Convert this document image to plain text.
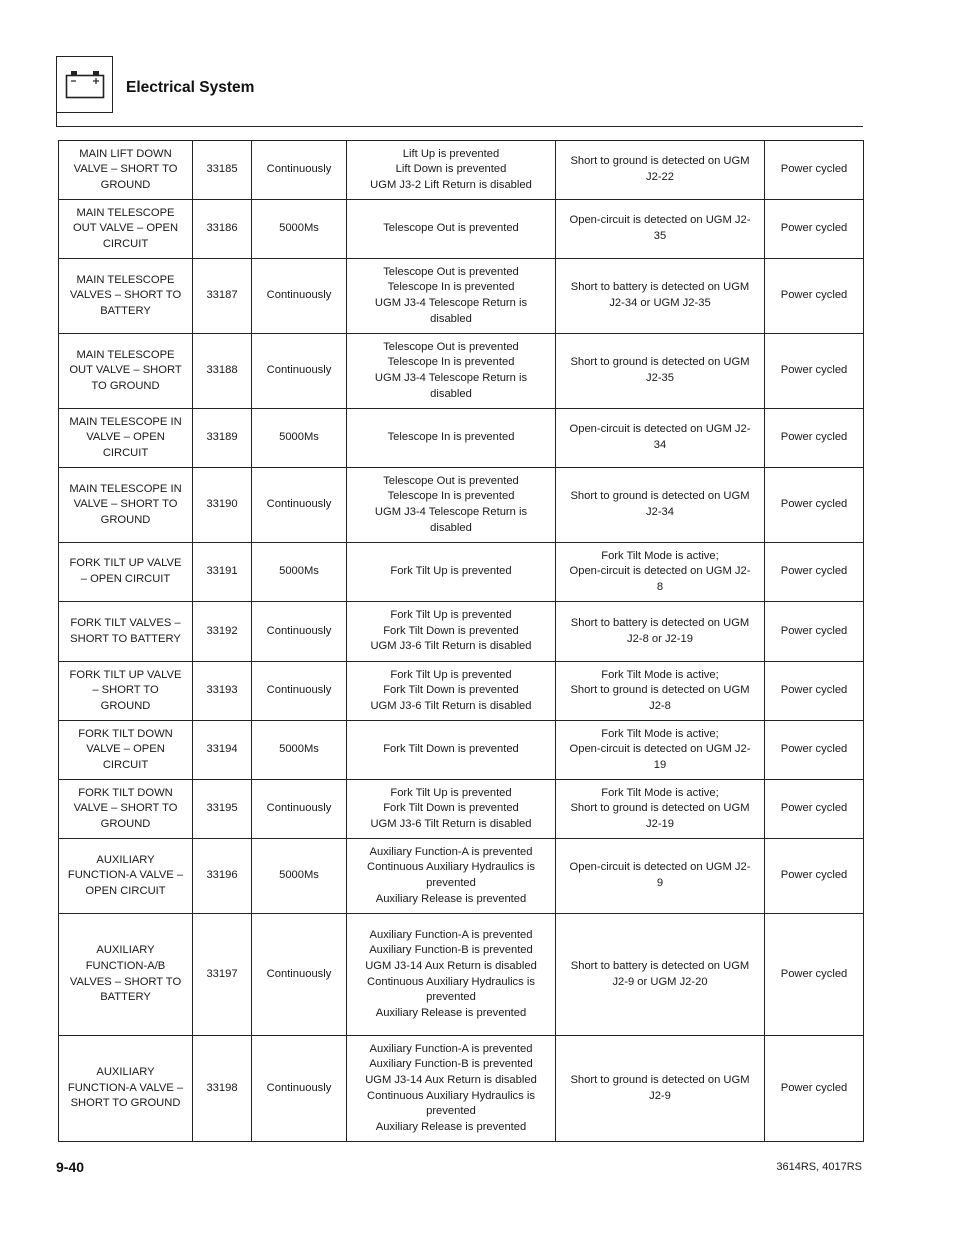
Electrical System
MAIN LIFT DOWN VALVE – SHORT TO GROUND	33185	Continuously	Lift Up is prevented
Lift Down is prevented
UGM J3-2 Lift Return is disabled	Short to ground is detected on UGM
J2-22	Power cycled
MAIN TELESCOPE OUT VALVE – OPEN CIRCUIT	33186	5000Ms	Telescope Out is prevented	Open-circuit is detected on UGM J2-
35	Power cycled
MAIN TELESCOPE VALVES – SHORT TO BATTERY	33187	Continuously	Telescope Out is prevented
Telescope In is prevented
UGM J3-4 Telescope Return is disabled	Short to battery is detected on UGM
J2-34 or UGM J2-35	Power cycled
MAIN TELESCOPE OUT VALVE – SHORT TO GROUND	33188	Continuously	Telescope Out is prevented
Telescope In is prevented
UGM J3-4 Telescope Return is disabled	Short to ground is detected on UGM
J2-35	Power cycled
MAIN TELESCOPE IN VALVE – OPEN CIRCUIT	33189	5000Ms	Telescope In is prevented	Open-circuit is detected on UGM J2-
34	Power cycled
MAIN TELESCOPE IN VALVE – SHORT TO GROUND	33190	Continuously	Telescope Out is prevented
Telescope In is prevented
UGM J3-4 Telescope Return is disabled	Short to ground is detected on UGM
J2-34	Power cycled
FORK TILT UP VALVE – OPEN CIRCUIT	33191	5000Ms	Fork Tilt Up is prevented	Fork Tilt Mode is active;
Open-circuit is detected on UGM J2-
8	Power cycled
FORK TILT VALVES – SHORT TO BATTERY	33192	Continuously	Fork Tilt Up is prevented
Fork Tilt Down is prevented
UGM J3-6 Tilt Return is disabled	Short to battery is detected on UGM
J2-8 or J2-19	Power cycled
FORK TILT UP VALVE – SHORT TO GROUND	33193	Continuously	Fork Tilt Up is prevented
Fork Tilt Down is prevented
UGM J3-6 Tilt Return is disabled	Fork Tilt Mode is active;
Short to ground is detected on UGM
J2-8	Power cycled
FORK TILT DOWN VALVE – OPEN CIRCUIT	33194	5000Ms	Fork Tilt Down is prevented	Fork Tilt Mode is active;
Open-circuit is detected on UGM J2-
19	Power cycled
FORK TILT DOWN VALVE – SHORT TO GROUND	33195	Continuously	Fork Tilt Up is prevented
Fork Tilt Down is prevented
UGM J3-6 Tilt Return is disabled	Fork Tilt Mode is active;
Short to ground is detected on UGM
J2-19	Power cycled
AUXILIARY FUNCTION-A VALVE – OPEN CIRCUIT	33196	5000Ms	Auxiliary Function-A is prevented
Continuous Auxiliary Hydraulics is prevented
Auxiliary Release is prevented	Open-circuit is detected on UGM J2-
9	Power cycled
AUXILIARY FUNCTION-A/B VALVES – SHORT TO BATTERY	33197	Continuously	Auxiliary Function-A is prevented
Auxiliary Function-B is prevented
UGM J3-14 Aux Return is disabled
Continuous Auxiliary Hydraulics is prevented
Auxiliary Release is prevented	Short to battery is detected on UGM
J2-9 or UGM J2-20	Power cycled
AUXILIARY FUNCTION-A VALVE – SHORT TO GROUND	33198	Continuously	Auxiliary Function-A is prevented
Auxiliary Function-B is prevented
UGM J3-14 Aux Return is disabled
Continuous Auxiliary Hydraulics is prevented
Auxiliary Release is prevented	Short to ground is detected on UGM
J2-9	Power cycled
9-40	3614RS, 4017RS
